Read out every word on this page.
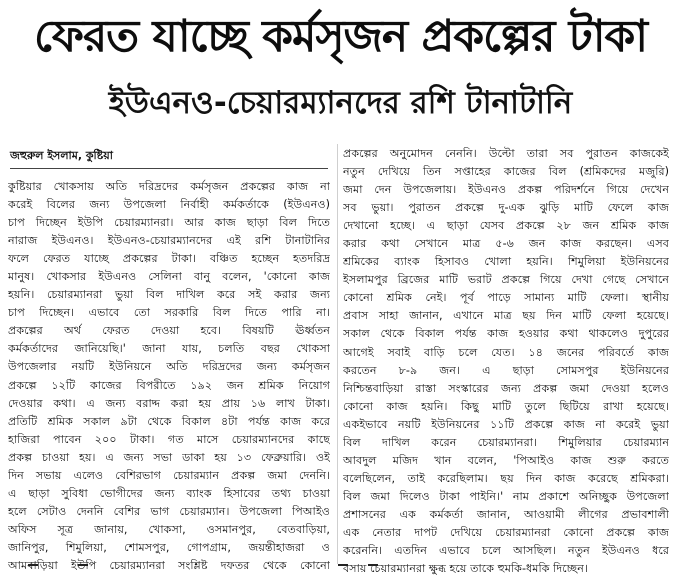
ফেরত যাচ্ছে কর্মসৃজন প্রকল্পের টাকা
ইউএনও-চেয়ারম্যানদের রশি টানাটানি
জহুরুল ইসলাম, কুষ্টিয়া
কুষ্টিয়ার খোকসায় অতি দরিদ্রদের কর্মসৃজন প্রকল্পের কাজ না
করেই বিলের জন্য উপজেলা নির্বাহী কর্মকর্তাকে (ইউএনও)
চাপ দিচ্ছেন ইউপি চেয়ারম্যানরা। আর কাজ ছাড়া বিল দিতে
নারাজ ইউএনও। ইউএনও-চেয়ারম্যানদের এই রশি টানাটানির
ফলে ফেরত যাচ্ছে প্রকল্পের টাকা। বঞ্চিত হচ্ছেন হতদরিদ্র
মানুষ। খোকসার ইউএনও সেলিনা বানু বলেন, 'কোনো কাজ
হয়নি। চেয়ারম্যানরা ভুয়া বিল দাখিল করে সই করার জন্য
চাপ দিচ্ছেন। এভাবে তো সরকারি বিল দিতে পারি না।
প্রকল্পের অর্থ ফেরত দেওয়া হবে। বিষয়টি ঊর্ধ্বতন
কর্মকর্তাদের জানিয়েছি।' জানা যায়, চলতি বছর খোকসা
উপজেলার নয়টি ইউনিয়নে অতি দরিদ্রদের জন্য কর্মসৃজন
প্রকল্পে ১২টি কাজের বিপরীতে ১৯২ জন শ্রমিক নিয়োগ
দেওয়ার কথা। এ জন্য বরাদ্দ করা হয় প্রায় ১৬ লাখ টাকা।
প্রতিটি শ্রমিক সকাল ৯টা থেকে বিকাল ৪টা পর্যন্ত কাজ করে
হাজিরা পাবেন ২০০ টাকা। গত মাসে চেয়ারম্যানদের কাছে
প্রকল্প চাওয়া হয়। এ জন্য সভা ডাকা হয় ১৩ ফেব্রুয়ারি। ওই
দিন সভায় এলেও বেশিরভাগ চেয়ারম্যান প্রকল্প জমা দেননি।
এ ছাড়া সুবিধা ভোগীদের জন্য ব্যাংক হিসাবের তথ্য চাওয়া
হলে সেটাও দেননি বেশির ভাগ চেয়ারম্যান। উপজেলা পিআইও
অফিস সূত্র জানায়, খোকসা, ওসমানপুর, বেতবাড়িয়া,
জানিপুর, শিমুলিয়া, শোমসপুর, গোপগ্রাম, জয়ন্তীহাজরা ও
আমবাড়িয়া ইউপি চেয়ারম্যানরা সংশ্লিষ্ট দফতর থেকে কোনো
প্রকল্পের অনুমোদন নেননি। উল্টো তারা সব পুরাতন কাজকেই
নতুন দেখিয়ে তিন সপ্তাহের কাজের বিল (শ্রমিকদের মজুরি)
জমা দেন উপজেলায়। ইউএনও প্রকল্প পরিদর্শনে গিয়ে দেখেন
সব ভুয়া। পুরাতন প্রকল্পে দু-এক ঝুড়ি মাটি ফেলে কাজ
দেখানো হচ্ছে। এ ছাড়া যেসব প্রকল্পে ২৮ জন শ্রমিক কাজ
করার কথা সেখানে মাত্র ৫-৬ জন কাজ করছেন। এসব
শ্রমিকের ব্যাংক হিসাবও খোলা হয়নি। শিমুলিয়া ইউনিয়নের
ইসলামপুর ব্রিজের মাটি ভরাট প্রকল্পে গিয়ে দেখা গেছে সেখানে
কোনো শ্রমিক নেই। পূর্ব পাড়ে সামান্য মাটি ফেলা। স্থানীয়
প্রবাস সাহা জানান, এখানে মাত্র ছয় দিন মাটি ফেলা হয়েছে।
সকাল থেকে বিকাল পর্যন্ত কাজ হওয়ার কথা থাকলেও দুপুরের
আগেই সবাই বাড়ি চলে যেত। ১৪ জনের পরিবর্তে কাজ
করতেন ৮-৯ জন। এ ছাড়া সোমসপুর ইউনিয়নের
নিশ্চিন্তবাড়িয়া রাস্তা সংস্কারের জন্য প্রকল্প জমা দেওয়া হলেও
কোনো কাজ হয়নি। কিছু মাটি তুলে ছিটিয়ে রাখা হয়েছে।
একইভাবে নয়টি ইউনিয়নের ১১টি প্রকল্পে কাজ না করেই ভুয়া
বিল দাখিল করেন চেয়ারম্যানরা। শিমুলিয়ার চেয়ারম্যান
আবদুল মজিদ খান বলেন, 'পিআইও কাজ শুরু করতে
বলেছিলেন, তাই করেছিলাম। ছয় দিন কাজ করেছে শ্রমিকরা।
বিল জমা দিলেও টাকা পাইনি।' নাম প্রকাশে অনিচ্ছুক উপজেলা
প্রশাসনের এক কর্মকর্তা জানান, আওয়ামী লীগের প্রভাবশালী
এক নেতার দাপট দেখিয়ে চেয়ারম্যানরা কোনো প্রকল্পে কাজ
করেননি। এতদিন এভাবে চলে আসছিল। নতুন ইউএনও ধরে
বসায় চেয়ারম্যানরা ক্ষুব্ধ হয়ে তাকে হুমকি-ধমকি দিচ্ছেন।
